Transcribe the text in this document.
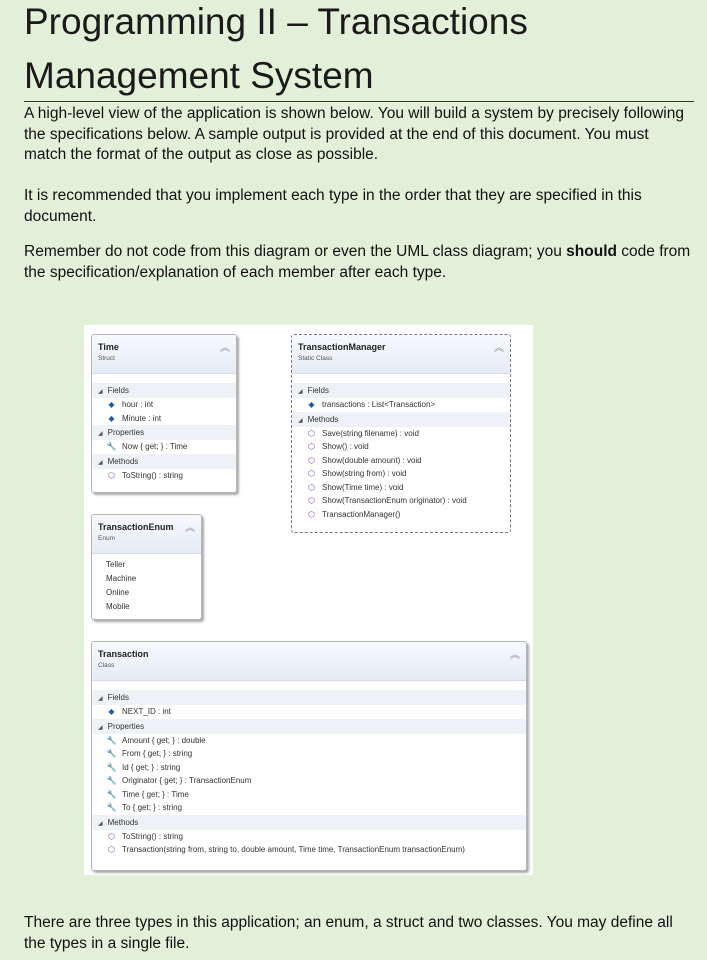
Programming II – Transactions
Management System
A high-level view of the application is shown below. You will build a system by precisely following the specifications below. A sample output is provided at the end of this document. You must match the format of the output as close as possible.
It is recommended that you implement each type in the order that they are specified in this document.
Remember do not code from this diagram or even the UML class diagram; you should code from the specification/explanation of each member after each type.
Time
Struct
︽
◢ Fields
◆ hour : int
◆ Minute : int
◢ Properties
🔧 Now { get; } : Time
◢ Methods
⬡ ToString() : string
TransactionManager
Static Class
︽
◢ Fields
◆ transactions : List<Transaction>
◢ Methods
⬡ Save(string filename) : void
⬡ Show() : void
⬡ Show(double amount) : void
⬡ Show(string from) : void
⬡ Show(Time time) : void
⬡ Show(TransactionEnum originator) : void
⬡ TransactionManager()
TransactionEnum
Enum
︽
Teller
Machine
Online
Mobile
Transaction
Class
︽
◢ Fields
◆ NEXT_ID : int
◢ Properties
🔧 Amount { get; } : double
🔧 From { get; } : string
🔧 Id { get; } : string
🔧 Originator { get; } : TransactionEnum
🔧 Time { get; } : Time
🔧 To { get; } : string
◢ Methods
⬡ ToString() : string
⬡ Transaction(string from, string to, double amount, Time time, TransactionEnum transactionEnum)
There are three types in this application; an enum, a struct and two classes. You may define all the types in a single file.
